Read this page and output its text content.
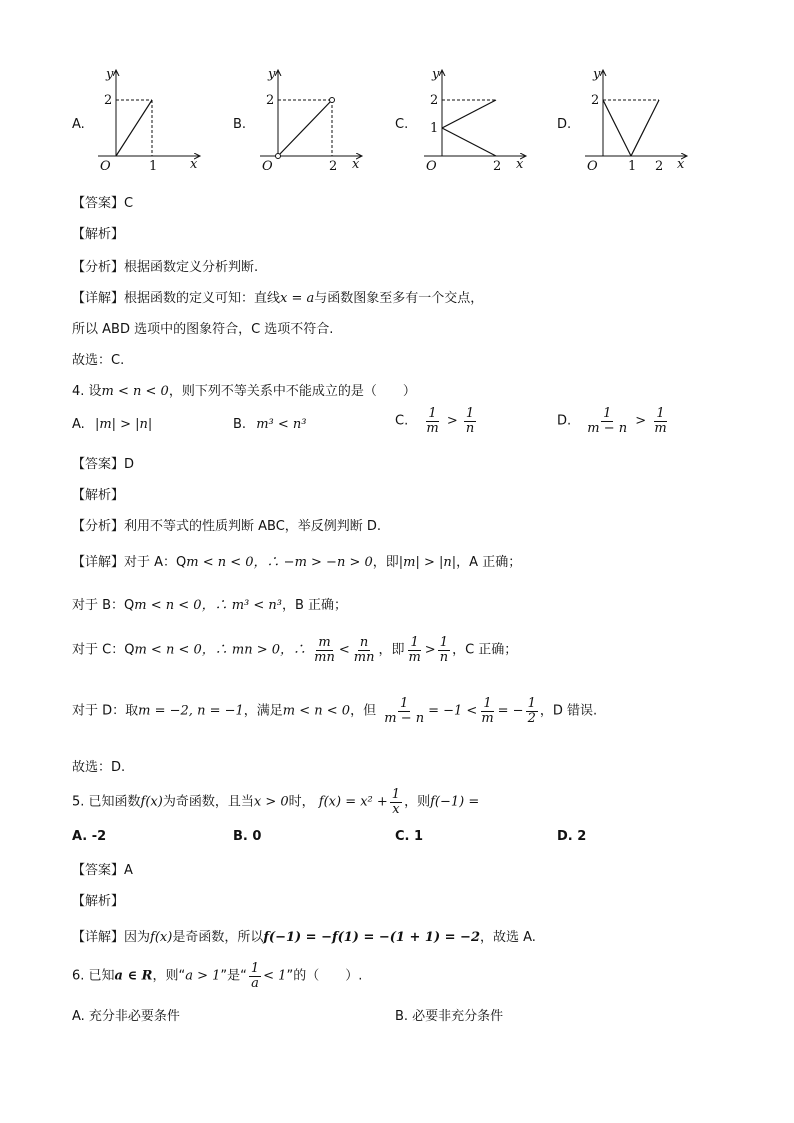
A.
y
2
O	1	x
B.
y
2
O	2 x
C.
y
2
1
O	2 x
D.
y
2
O 1 2 x
【答案】C
【解析】
【分析】根据函数定义分析判断.
【详解】根据函数的定义可知：直线x = a与函数图象至多有一个交点，
所以 ABD 选项中的图象符合，C 选项不符合.
故选：C.
4. 设m < n < 0，则下列不等关系中不能成立的是（　　）
A. |m| > |n|	B. m³ < n³	C. $\frac{1}{m} > \frac{1}{n}$	D. $\frac{1}{m - n} > \frac{1}{m}$
【答案】D
【解析】
【分析】利用不等式的性质判断 ABC，举反例判断 D.
【详解】对于 A：Qm < n < 0，∴ −m > −n > 0，即|m| > |n|，A 正确；
对于 B：Qm < n < 0，∴ m³ < n³，B 正确；
对于 C：Qm < n < 0，∴ mn > 0，∴ $\frac{m}{mn} < \frac{n}{mn}$ ，即 $\frac{1}{m} > \frac{1}{n}$ ，C 正确；
对于 D：取m = −2, n = −1，满足m < n < 0，但 $\frac{1}{m - n} = -1 < \frac{1}{m}$ = − $\frac{1}{2}$ ，D 错误.
故选：D.
5. 已知函数f(x)为奇函数，且当x > 0时， $f(x) = x^2 + \frac{1}{x}$ ，则f(−1) =
A. -2	B. 0	C. 1	D. 2
【答案】A
【解析】
【详解】因为f(x)是奇函数，所以f(−1) = −f(1) = −(1 + 1) = −2，故选 A.
6. 已知a ∈ R，则“a > 1”是“ $\frac{1}{a} < 1$”的（　　）.
A. 充分非必要条件	B. 必要非充分条件
